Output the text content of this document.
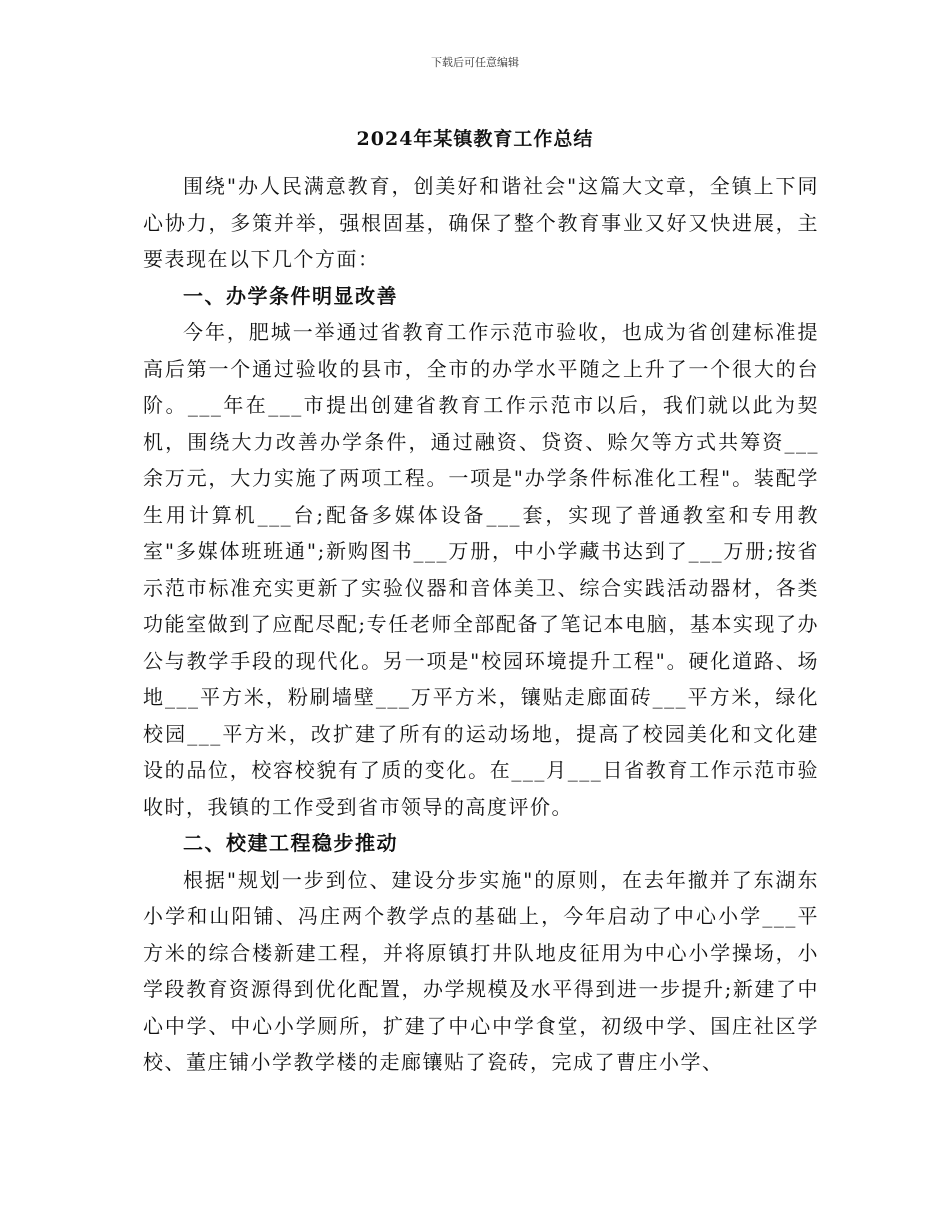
下载后可任意编辑
2024年某镇教育工作总结

围绕"办人民满意教育，创美好和谐社会"这篇大文章，全镇上下同心协力，多策并举，强根固基，确保了整个教育事业又好又快进展，主要表现在以下几个方面：

一、办学条件明显改善

今年，肥城一举通过省教育工作示范市验收，也成为省创建标准提高后第一个通过验收的县市，全市的办学水平随之上升了一个很大的台阶。___年在___市提出创建省教育工作示范市以后，我们就以此为契机，围绕大力改善办学条件，通过融资、贷资、赊欠等方式共筹资___余万元，大力实施了两项工程。一项是"办学条件标准化工程"。装配学生用计算机___台;配备多媒体设备___套，实现了普通教室和专用教室"多媒体班班通";新购图书___万册，中小学藏书达到了___万册;按省示范市标准充实更新了实验仪器和音体美卫、综合实践活动器材，各类功能室做到了应配尽配;专任老师全部配备了笔记本电脑，基本实现了办公与教学手段的现代化。另一项是"校园环境提升工程"。硬化道路、场地___平方米，粉刷墙壁___万平方米，镶贴走廊面砖___平方米，绿化校园___平方米，改扩建了所有的运动场地，提高了校园美化和文化建设的品位，校容校貌有了质的变化。在___月___日省教育工作示范市验收时，我镇的工作受到省市领导的高度评价。

二、校建工程稳步推动

根据"规划一步到位、建设分步实施"的原则，在去年撤并了东湖东小学和山阳铺、冯庄两个教学点的基础上，今年启动了中心小学___平方米的综合楼新建工程，并将原镇打井队地皮征用为中心小学操场，小学段教育资源得到优化配置，办学规模及水平得到进一步提升;新建了中心中学、中心小学厕所，扩建了中心中学食堂，初级中学、国庄社区学校、董庄铺小学教学楼的走廊镶贴了瓷砖，完成了曹庄小学、
